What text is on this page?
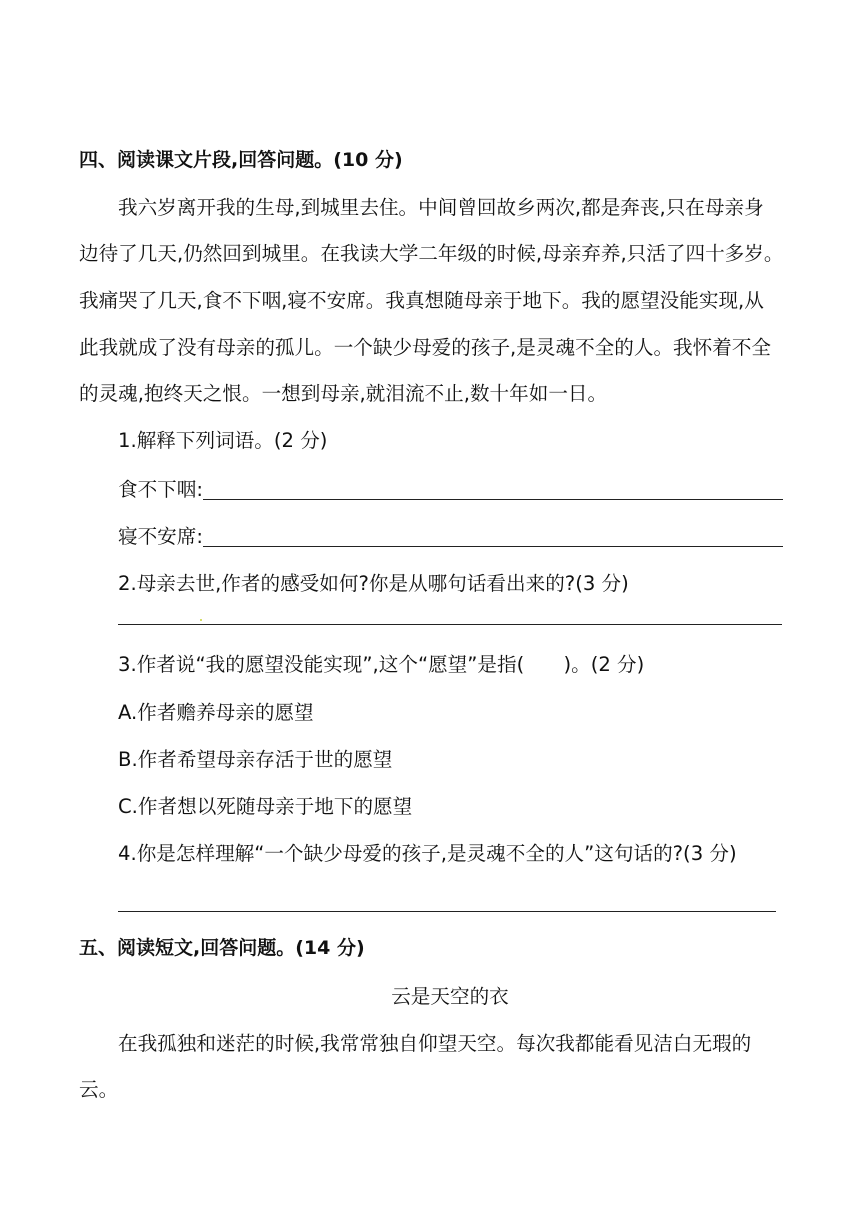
四、阅读课文片段,回答问题。(10 分)
我六岁离开我的生母,到城里去住。中间曾回故乡两次,都是奔丧,只在母亲身
边待了几天,仍然回到城里。在我读大学二年级的时候,母亲弃养,只活了四十多岁。
我痛哭了几天,食不下咽,寝不安席。我真想随母亲于地下。我的愿望没能实现,从
此我就成了没有母亲的孤儿。一个缺少母爱的孩子,是灵魂不全的人。我怀着不全
的灵魂,抱终天之恨。一想到母亲,就泪流不止,数十年如一日。
1.解释下列词语。(2 分)
食不下咽:
寝不安席:
2.母亲去世,作者的感受如何?你是从哪句话看出来的?(3 分)
3.作者说“我的愿望没能实现”,这个“愿望”是指(　　)。(2 分)
A.作者赡养母亲的愿望
B.作者希望母亲存活于世的愿望
C.作者想以死随母亲于地下的愿望
4.你是怎样理解“一个缺少母爱的孩子,是灵魂不全的人”这句话的?(3 分)
五、阅读短文,回答问题。(14 分)
云是天空的衣
在我孤独和迷茫的时候,我常常独自仰望天空。每次我都能看见洁白无瑕的
云。
